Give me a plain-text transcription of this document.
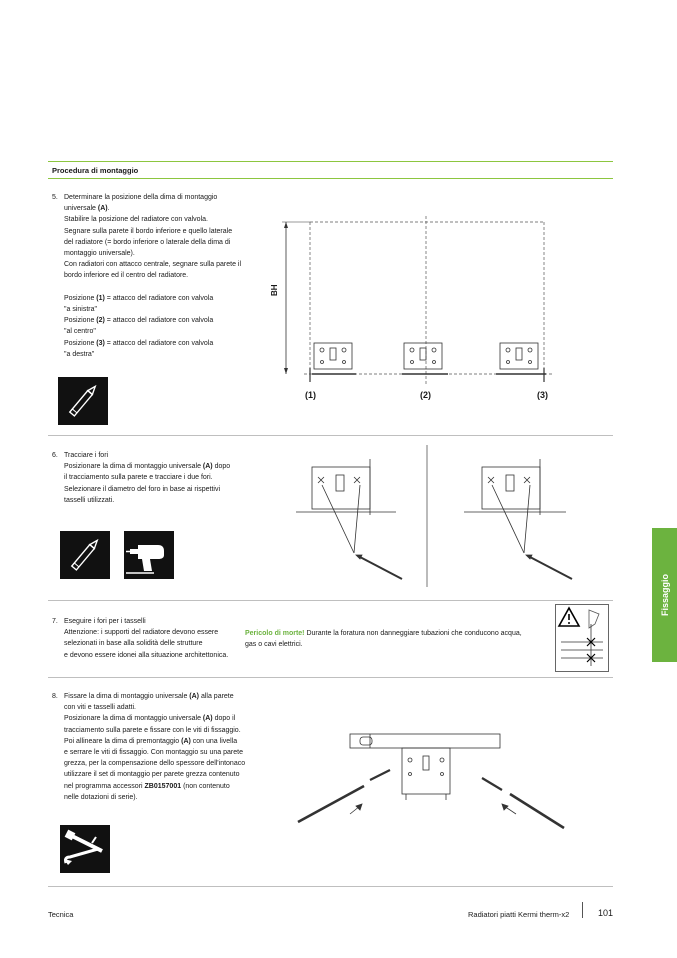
Procedura di montaggio
5. Determinare la posizione della dima di montaggio
universale (A).
Stabilire la posizione del radiatore con valvola.
Segnare sulla parete il bordo inferiore e quello laterale
del radiatore (= bordo inferiore o laterale della dima di
montaggio universale).
Con radiatori con attacco centrale, segnare sulla parete il
bordo inferiore ed il centro del radiatore.

Posizione (1) = attacco del radiatore con valvola
"a sinistra"
Posizione (2) = attacco del radiatore con valvola
"al centro"
Posizione (3) = attacco del radiatore con valvola
"a destra"
6. Tracciare i fori
Posizionare la dima di montaggio universale (A) dopo
il tracciamento sulla parete e tracciare i due fori.
Selezionare il diametro del foro in base ai rispettivi
tasselli utilizzati.
7. Eseguire i fori per i tasselli
Attenzione: i supporti del radiatore devono essere
selezionati in base alla solidità delle strutture
e devono essere idonei alla situazione architettonica.
8. Fissare la dima di montaggio universale (A) alla parete
con viti e tasselli adatti.
Posizionare la dima di montaggio universale (A) dopo il
tracciamento sulla parete e fissare con le viti di fissaggio.
Poi allineare la dima di premontaggio (A) con una livella
e serrare le viti di fissaggio. Con montaggio su una parete
grezza, per la compensazione dello spessore dell'intonaco
utilizzare il set di montaggio per parete grezza contenuto
nel programma accessori ZB0157001 (non contenuto
nelle dotazioni di serie).
BH
(1)	(2)	(3)
Pericolo di morte! Durante la foratura non danneggiare tubazioni che conducono acqua,
gas o cavi elettrici.
Fissaggio
Tecnica	Radiatori piatti Kermi therm-x2	101
